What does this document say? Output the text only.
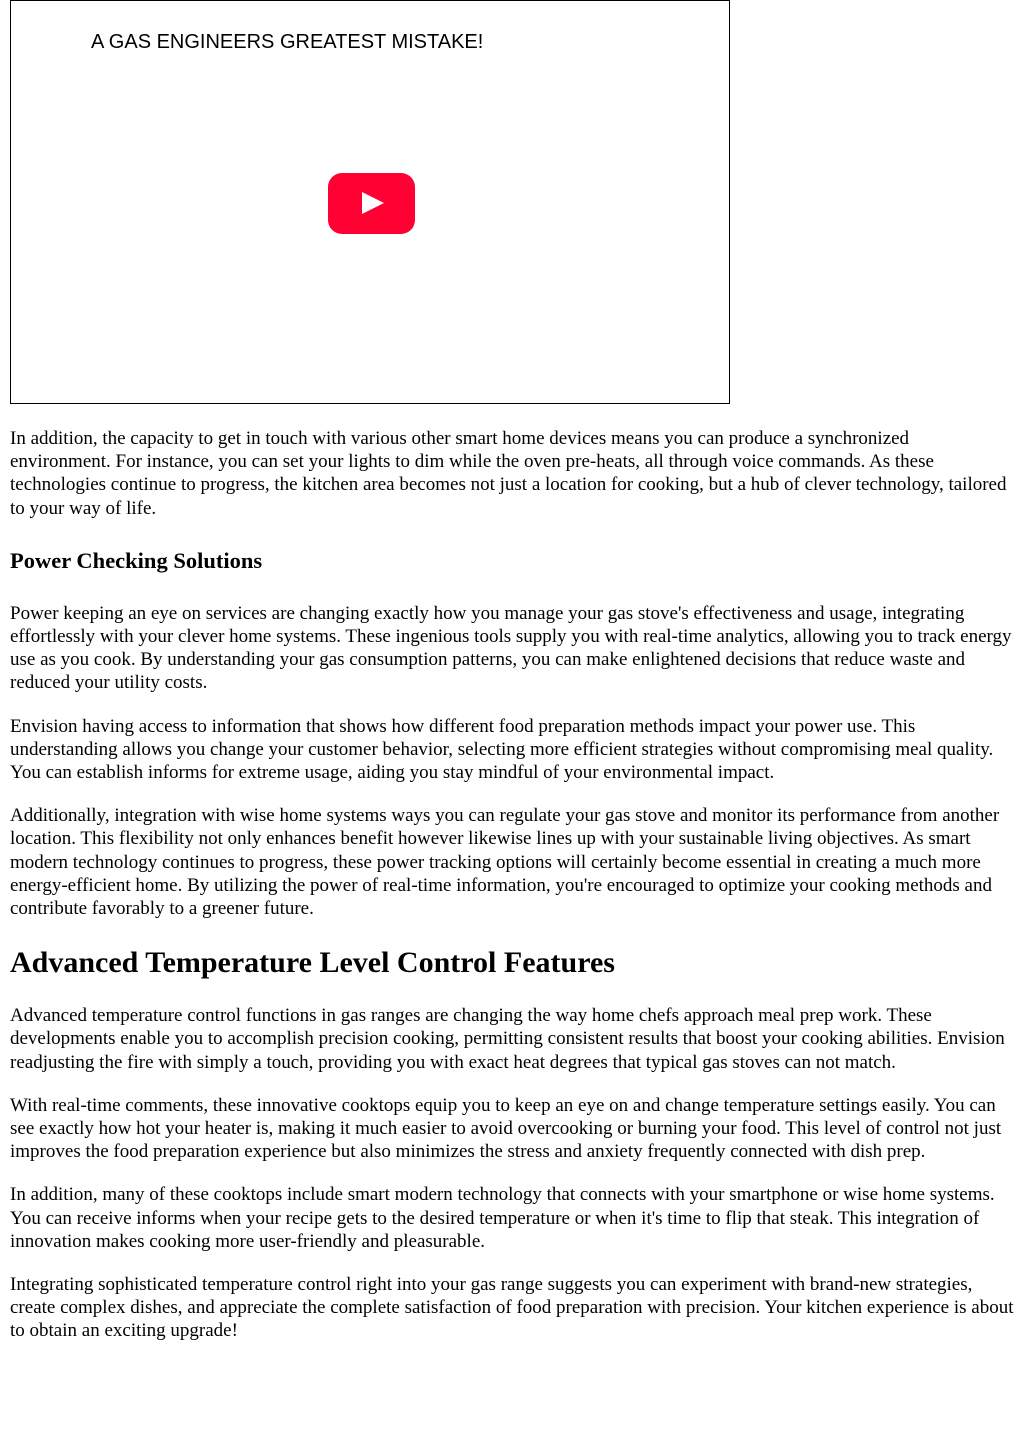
A GAS ENGINEERS GREATEST MISTAKE!

In addition, the capacity to get in touch with various other smart home devices means you can produce a synchronized environment. For instance, you can set your lights to dim while the oven pre-heats, all through voice commands. As these technologies continue to progress, the kitchen area becomes not just a location for cooking, but a hub of clever technology, tailored to your way of life.

Power Checking Solutions

Power keeping an eye on services are changing exactly how you manage your gas stove's effectiveness and usage, integrating effortlessly with your clever home systems. These ingenious tools supply you with real-time analytics, allowing you to track energy use as you cook. By understanding your gas consumption patterns, you can make enlightened decisions that reduce waste and reduced your utility costs.

Envision having access to information that shows how different food preparation methods impact your power use. This understanding allows you change your customer behavior, selecting more efficient strategies without compromising meal quality. You can establish informs for extreme usage, aiding you stay mindful of your environmental impact.

Additionally, integration with wise home systems ways you can regulate your gas stove and monitor its performance from another location. This flexibility not only enhances benefit however likewise lines up with your sustainable living objectives. As smart modern technology continues to progress, these power tracking options will certainly become essential in creating a much more energy-efficient home. By utilizing the power of real-time information, you're encouraged to optimize your cooking methods and contribute favorably to a greener future.

Advanced Temperature Level Control Features

Advanced temperature control functions in gas ranges are changing the way home chefs approach meal prep work. These developments enable you to accomplish precision cooking, permitting consistent results that boost your cooking abilities. Envision readjusting the fire with simply a touch, providing you with exact heat degrees that typical gas stoves can not match.

With real-time comments, these innovative cooktops equip you to keep an eye on and change temperature settings easily. You can see exactly how hot your heater is, making it much easier to avoid overcooking or burning your food. This level of control not just improves the food preparation experience but also minimizes the stress and anxiety frequently connected with dish prep.

In addition, many of these cooktops include smart modern technology that connects with your smartphone or wise home systems. You can receive informs when your recipe gets to the desired temperature or when it's time to flip that steak. This integration of innovation makes cooking more user-friendly and pleasurable.

Integrating sophisticated temperature control right into your gas range suggests you can experiment with brand-new strategies, create complex dishes, and appreciate the complete satisfaction of food preparation with precision. Your kitchen experience is about to obtain an exciting upgrade!
